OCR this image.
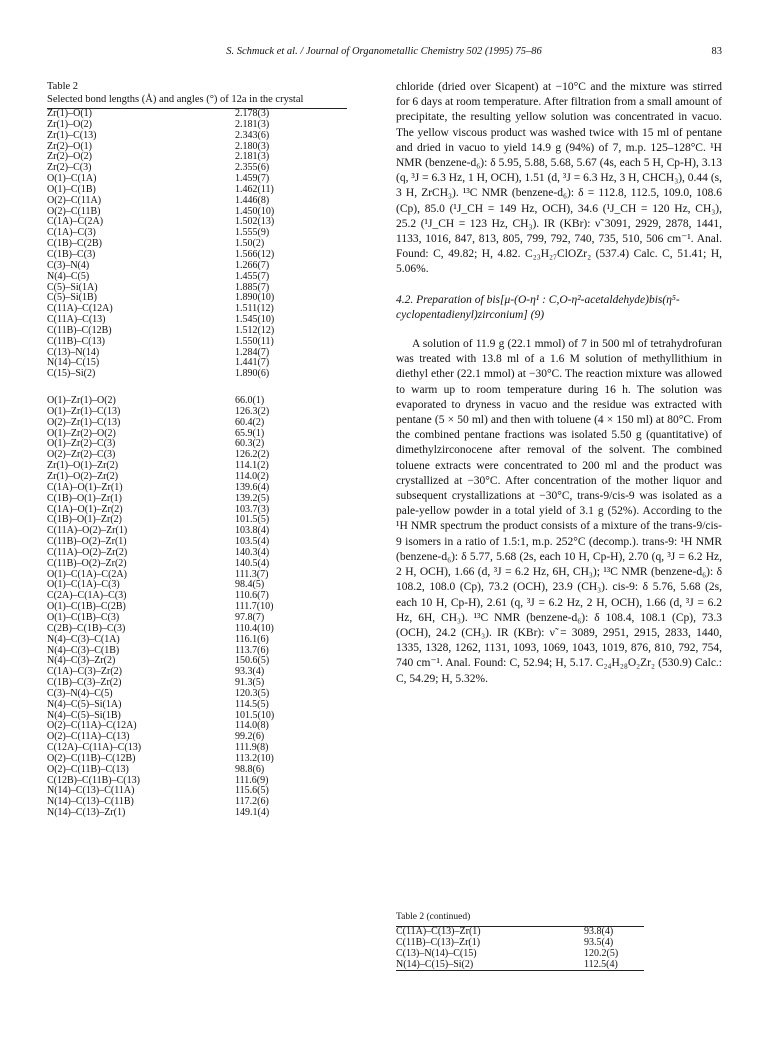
S. Schmuck et al. / Journal of Organometallic Chemistry 502 (1995) 75–86	83
Table 2
Selected bond lengths (Å) and angles (°) of 12a in the crystal
Zr(1)–O(1)	2.178(3)
Zr(1)–O(2)	2.181(3)
Zr(1)–C(13)	2.343(6)
Zr(2)–O(1)	2.180(3)
Zr(2)–O(2)	2.181(3)
Zr(2)–C(3)	2.355(6)
O(1)–C(1A)	1.459(7)
O(1)–C(1B)	1.462(11)
O(2)–C(11A)	1.446(8)
O(2)–C(11B)	1.450(10)
C(1A)–C(2A)	1.502(13)
C(1A)–C(3)	1.555(9)
C(1B)–C(2B)	1.50(2)
C(1B)–C(3)	1.566(12)
C(3)–N(4)	1.266(7)
N(4)–C(5)	1.455(7)
C(5)–Si(1A)	1.885(7)
C(5)–Si(1B)	1.890(10)
C(11A)–C(12A)	1.511(12)
C(11A)–C(13)	1.545(10)
C(11B)–C(12B)	1.512(12)
C(11B)–C(13)	1.550(11)
C(13)–N(14)	1.284(7)
N(14)–C(15)	1.441(7)
C(15)–Si(2)	1.890(6)
O(1)–Zr(1)–O(2)	66.0(1)
O(1)–Zr(1)–C(13)	126.3(2)
O(2)–Zr(1)–C(13)	60.4(2)
O(1)–Zr(2)–O(2)	65.9(1)
O(1)–Zr(2)–C(3)	60.3(2)
O(2)–Zr(2)–C(3)	126.2(2)
Zr(1)–O(1)–Zr(2)	114.1(2)
Zr(1)–O(2)–Zr(2)	114.0(2)
C(1A)–O(1)–Zr(1)	139.6(4)
C(1B)–O(1)–Zr(1)	139.2(5)
C(1A)–O(1)–Zr(2)	103.7(3)
C(1B)–O(1)–Zr(2)	101.5(5)
C(11A)–O(2)–Zr(1)	103.8(4)
C(11B)–O(2)–Zr(1)	103.5(4)
C(11A)–O(2)–Zr(2)	140.3(4)
C(11B)–O(2)–Zr(2)	140.5(4)
O(1)–C(1A)–C(2A)	111.3(7)
O(1)–C(1A)–C(3)	98.4(5)
C(2A)–C(1A)–C(3)	110.6(7)
O(1)–C(1B)–C(2B)	111.7(10)
O(1)–C(1B)–C(3)	97.8(7)
C(2B)–C(1B)–C(3)	110.4(10)
N(4)–C(3)–C(1A)	116.1(6)
N(4)–C(3)–C(1B)	113.7(6)
N(4)–C(3)–Zr(2)	150.6(5)
C(1A)–C(3)–Zr(2)	93.3(4)
C(1B)–C(3)–Zr(2)	91.3(5)
C(3)–N(4)–C(5)	120.3(5)
N(4)–C(5)–Si(1A)	114.5(5)
N(4)–C(5)–Si(1B)	101.5(10)
O(2)–C(11A)–C(12A)	114.0(8)
O(2)–C(11A)–C(13)	99.2(6)
C(12A)–C(11A)–C(13)	111.9(8)
O(2)–C(11B)–C(12B)	113.2(10)
O(2)–C(11B)–C(13)	98.8(6)
C(12B)–C(11B)–C(13)	111.6(9)
N(14)–C(13)–C(11A)	115.6(5)
N(14)–C(13)–C(11B)	117.2(6)
N(14)–C(13)–Zr(1)	149.1(4)

chloride (dried over Sicapent) at −10°C and the mixture was stirred for 6 days at room temperature. After filtration from a small amount of precipitate, the resulting yellow solution was concentrated in vacuo. The yellow viscous product was washed twice with 15 ml of pentane and dried in vacuo to yield 14.9 g (94%) of 7, m.p. 125–128°C. ¹H NMR (benzene-d₆): δ 5.95, 5.88, 5.68, 5.67 (4s, each 5 H, Cp-H), 3.13 (q, ³J = 6.3 Hz, 1 H, OCH), 1.51 (d, ³J = 6.3 Hz, 3 H, CHCH₃), 0.44 (s, 3 H, ZrCH₃). ¹³C NMR (benzene-d₆): δ = 112.8, 112.5, 109.0, 108.6 (Cp), 85.0 (¹J_CH = 149 Hz, OCH), 34.6 (¹J_CH = 120 Hz, CH₃), 25.2 (¹J_CH = 123 Hz, CH₃). IR (KBr): ν̃ 3091, 2929, 2878, 1441, 1133, 1016, 847, 813, 805, 799, 792, 740, 735, 510, 506 cm⁻¹. Anal. Found: C, 49.82; H, 4.82. C₂₃H₂₇ClOZr₂ (537.4) Calc. C, 51.41; H, 5.06%.

4.2. Preparation of bis[μ-(O-η¹ : C,O-η²-acetaldehyde)bis(η⁵-cyclopentadienyl)zirconium] (9)

A solution of 11.9 g (22.1 mmol) of 7 in 500 ml of tetrahydrofuran was treated with 13.8 ml of a 1.6 M solution of methyllithium in diethyl ether (22.1 mmol) at −30°C. The reaction mixture was allowed to warm up to room temperature during 16 h. The solution was evaporated to dryness in vacuo and the residue was extracted with pentane (5 × 50 ml) and then with toluene (4 × 150 ml) at 80°C. From the combined pentane fractions was isolated 5.50 g (quantitative) of dimethylzirconocene after removal of the solvent. The combined toluene extracts were concentrated to 200 ml and the product was crystallized at −30°C. After concentration of the mother liquor and subsequent crystallizations at −30°C, trans-9/cis-9 was isolated as a pale-yellow powder in a total yield of 3.1 g (52%). According to the ¹H NMR spectrum the product consists of a mixture of the trans-9/cis-9 isomers in a ratio of 1.5:1, m.p. 252°C (decomp.). trans-9: ¹H NMR (benzene-d₆): δ 5.77, 5.68 (2s, each 10 H, Cp-H), 2.70 (q, ³J = 6.2 Hz, 2 H, OCH), 1.66 (d, ³J = 6.2 Hz, 6H, CH₃); ¹³C NMR (benzene-d₆): δ 108.2, 108.0 (Cp), 73.2 (OCH), 23.9 (CH₃). cis-9: δ 5.76, 5.68 (2s, each 10 H, Cp-H), 2.61 (q, ³J = 6.2 Hz, 2 H, OCH), 1.66 (d, ³J = 6.2 Hz, 6H, CH₃). ¹³C NMR (benzene-d₆): δ 108.4, 108.1 (Cp), 73.3 (OCH), 24.2 (CH₃). IR (KBr): ν̃ = 3089, 2951, 2915, 2833, 1440, 1335, 1328, 1262, 1131, 1093, 1069, 1043, 1019, 876, 810, 792, 754, 740 cm⁻¹. Anal. Found: C, 52.94; H, 5.17. C₂₄H₂₈O₂Zr₂ (530.9) Calc.: C, 54.29; H, 5.32%.

Table 2 (continued)
C(11A)–C(13)–Zr(1)	93.8(4)
C(11B)–C(13)–Zr(1)	93.5(4)
C(13)–N(14)–C(15)	120.2(5)
N(14)–C(15)–Si(2)	112.5(4)
